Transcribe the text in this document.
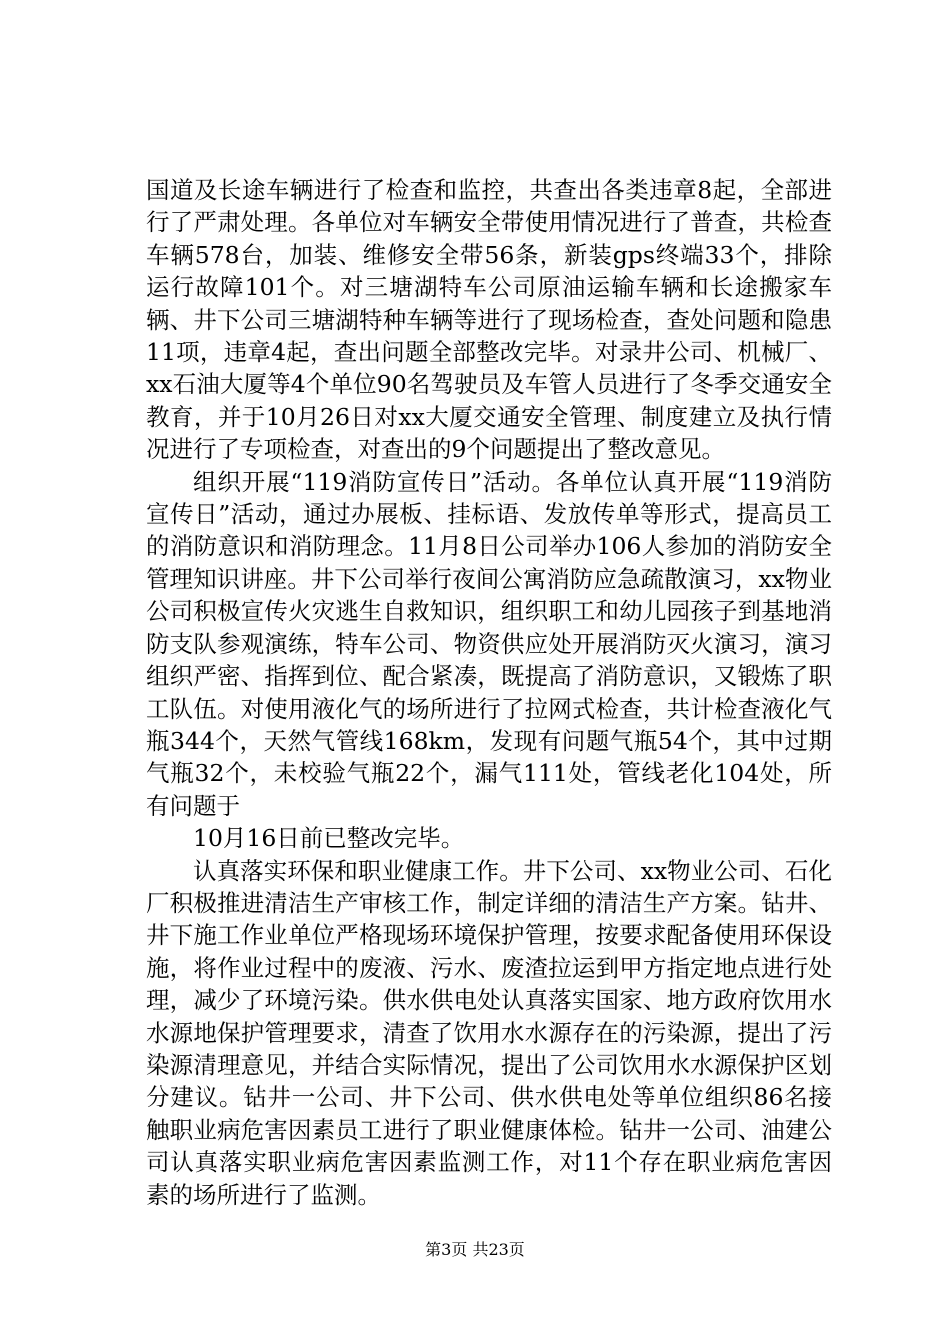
国道及长途车辆进行了检查和监控，共查出各类违章8起，全部进行了严肃处理。各单位对车辆安全带使用情况进行了普查，共检查车辆578台，加装、维修安全带56条，新装gps终端33个，排除运行故障101个。对三塘湖特车公司原油运输车辆和长途搬家车辆、井下公司三塘湖特种车辆等进行了现场检查，查处问题和隐患11项，违章4起，查出问题全部整改完毕。对录井公司、机械厂、xx石油大厦等4个单位90名驾驶员及车管人员进行了冬季交通安全教育，并于10月26日对xx大厦交通安全管理、制度建立及执行情况进行了专项检查，对查出的9个问题提出了整改意见。

组织开展“119消防宣传日”活动。各单位认真开展“119消防宣传日”活动，通过办展板、挂标语、发放传单等形式，提高员工的消防意识和消防理念。11月8日公司举办106人参加的消防安全管理知识讲座。井下公司举行夜间公寓消防应急疏散演习，xx物业公司积极宣传火灾逃生自救知识，组织职工和幼儿园孩子到基地消防支队参观演练，特车公司、物资供应处开展消防灭火演习，演习组织严密、指挥到位、配合紧凑，既提高了消防意识，又锻炼了职工队伍。对使用液化气的场所进行了拉网式检查，共计检查液化气瓶344个，天然气管线168km，发现有问题气瓶54个，其中过期气瓶32个，未校验气瓶22个，漏气111处，管线老化104处，所有问题于

10月16日前已整改完毕。

认真落实环保和职业健康工作。井下公司、xx物业公司、石化厂积极推进清洁生产审核工作，制定详细的清洁生产方案。钻井、井下施工作业单位严格现场环境保护管理，按要求配备使用环保设施，将作业过程中的废液、污水、废渣拉运到甲方指定地点进行处理，减少了环境污染。供水供电处认真落实国家、地方政府饮用水水源地保护管理要求，清查了饮用水水源存在的污染源，提出了污染源清理意见，并结合实际情况，提出了公司饮用水水源保护区划分建议。钻井一公司、井下公司、供水供电处等单位组织86名接触职业病危害因素员工进行了职业健康体检。钻井一公司、油建公司认真落实职业病危害因素监测工作，对11个存在职业病危害因素的场所进行了监测。

第3页 共23页
